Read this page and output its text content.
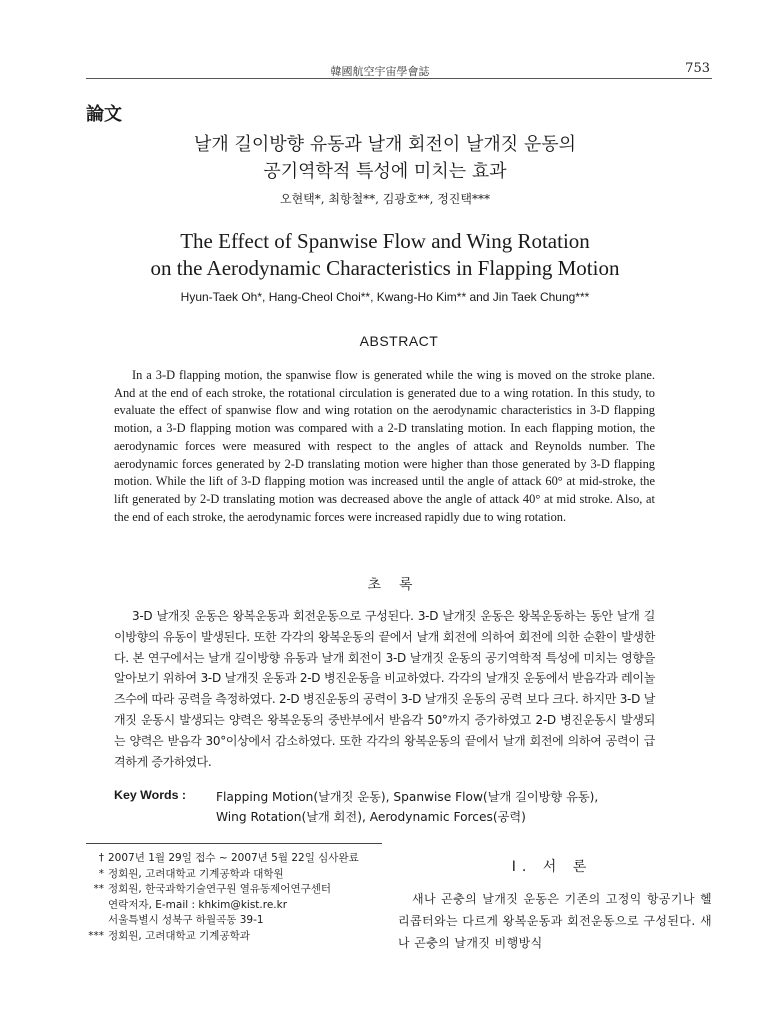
韓國航空宇宙學會誌	753
論文
날개 길이방향 유동과 날개 회전이 날개짓 운동의
공기역학적 특성에 미치는 효과
오현택*, 최항철**, 김광호**, 정진택***
The Effect of Spanwise Flow and Wing Rotation
on the Aerodynamic Characteristics in Flapping Motion
Hyun-Taek Oh*, Hang-Cheol Choi**, Kwang-Ho Kim** and Jin Taek Chung***
ABSTRACT
In a 3-D flapping motion, the spanwise flow is generated while the wing is moved on the stroke plane. And at the end of each stroke, the rotational circulation is generated due to a wing rotation. In this study, to evaluate the effect of spanwise flow and wing rotation on the aerodynamic characteristics in 3-D flapping motion, a 3-D flapping motion was compared with a 2-D translating motion. In each flapping motion, the aerodynamic forces were measured with respect to the angles of attack and Reynolds number. The aerodynamic forces generated by 2-D translating motion were higher than those generated by 3-D flapping motion. While the lift of 3-D flapping motion was increased until the angle of attack 60° at mid-stroke, the lift generated by 2-D translating motion was decreased above the angle of attack 40° at mid stroke. Also, at the end of each stroke, the aerodynamic forces were increased rapidly due to wing rotation.
초록
3-D 날개짓 운동은 왕복운동과 회전운동으로 구성된다. 3-D 날개짓 운동은 왕복운동하는 동안 날개 길이방향의 유동이 발생된다. 또한 각각의 왕복운동의 끝에서 날개 회전에 의하여 회전에 의한 순환이 발생한다. 본 연구에서는 날개 길이방향 유동과 날개 회전이 3-D 날개짓 운동의 공기역학적 특성에 미치는 영향을 알아보기 위하여 3-D 날개짓 운동과 2-D 병진운동을 비교하였다. 각각의 날개짓 운동에서 받음각과 레이놀즈수에 따라 공력을 측정하였다. 2-D 병진운동의 공력이 3-D 날개짓 운동의 공력 보다 크다. 하지만 3-D 날개짓 운동시 발생되는 양력은 왕복운동의 중반부에서 받음각 50°까지 증가하였고 2-D 병진운동시 발생되는 양력은 받음각 30°이상에서 감소하였다. 또한 각각의 왕복운동의 끝에서 날개 회전에 의하여 공력이 급격하게 증가하였다.
Key Words : Flapping Motion(날개짓 운동), Spanwise Flow(날개 길이방향 유동),
Wing Rotation(날개 회전), Aerodynamic Forces(공력)
† 2007년 1월 29일 접수 ~ 2007년 5월 22일 심사완료
* 정회원, 고려대학교 기계공학과 대학원
** 정회원, 한국과학기술연구원 열유동제어연구센터
연락저자, E-mail : khkim@kist.re.kr
서울특별시 성북구 하월곡동 39-1
*** 정회원, 고려대학교 기계공학과
Ⅰ. 서 론
새나 곤충의 날개짓 운동은 기존의 고정익 항공기나 헬리콥터와는 다르게 왕복운동과 회전운동으로 구성된다. 새나 곤충의 날개짓 비행방식
